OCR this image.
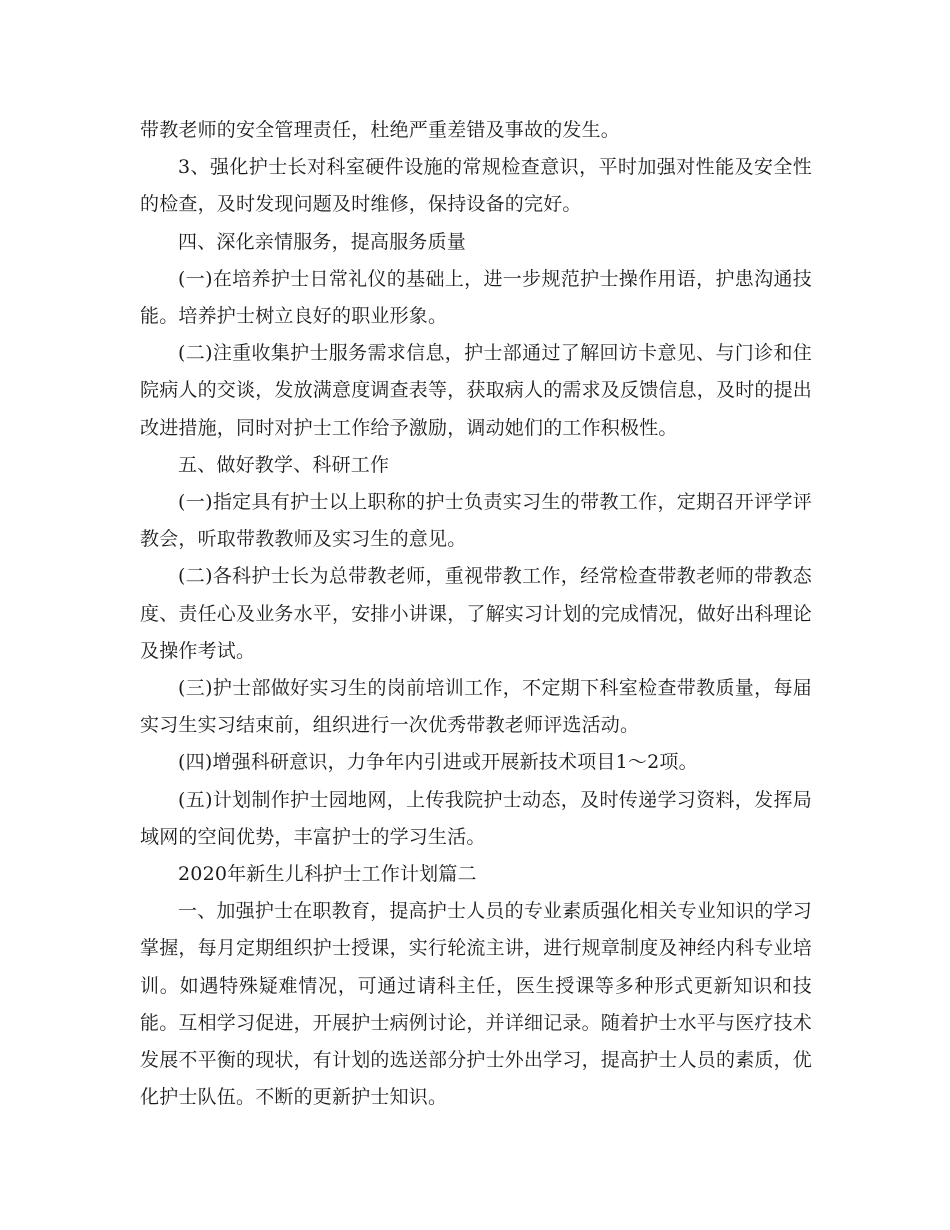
带教老师的安全管理责任，杜绝严重差错及事故的发生。

3、强化护士长对科室硬件设施的常规检查意识，平时加强对性能及安全性的检查，及时发现问题及时维修，保持设备的完好。

四、深化亲情服务，提高服务质量

(一)在培养护士日常礼仪的基础上，进一步规范护士操作用语，护患沟通技能。培养护士树立良好的职业形象。

(二)注重收集护士服务需求信息，护士部通过了解回访卡意见、与门诊和住院病人的交谈，发放满意度调查表等，获取病人的需求及反馈信息，及时的提出改进措施，同时对护士工作给予激励，调动她们的工作积极性。

五、做好教学、科研工作

(一)指定具有护士以上职称的护士负责实习生的带教工作，定期召开评学评教会，听取带教教师及实习生的意见。

(二)各科护士长为总带教老师，重视带教工作，经常检查带教老师的带教态度、责任心及业务水平，安排小讲课，了解实习计划的完成情况，做好出科理论及操作考试。

(三)护士部做好实习生的岗前培训工作，不定期下科室检查带教质量，每届实习生实习结束前，组织进行一次优秀带教老师评选活动。

(四)增强科研意识，力争年内引进或开展新技术项目1～2项。

(五)计划制作护士园地网，上传我院护士动态，及时传递学习资料，发挥局域网的空间优势，丰富护士的学习生活。

2020年新生儿科护士工作计划篇二

一、加强护士在职教育，提高护士人员的专业素质强化相关专业知识的学习掌握，每月定期组织护士授课，实行轮流主讲，进行规章制度及神经内科专业培训。如遇特殊疑难情况，可通过请科主任，医生授课等多种形式更新知识和技能。互相学习促进，开展护士病例讨论，并详细记录。随着护士水平与医疗技术发展不平衡的现状，有计划的选送部分护士外出学习，提高护士人员的素质，优化护士队伍。不断的更新护士知识。
